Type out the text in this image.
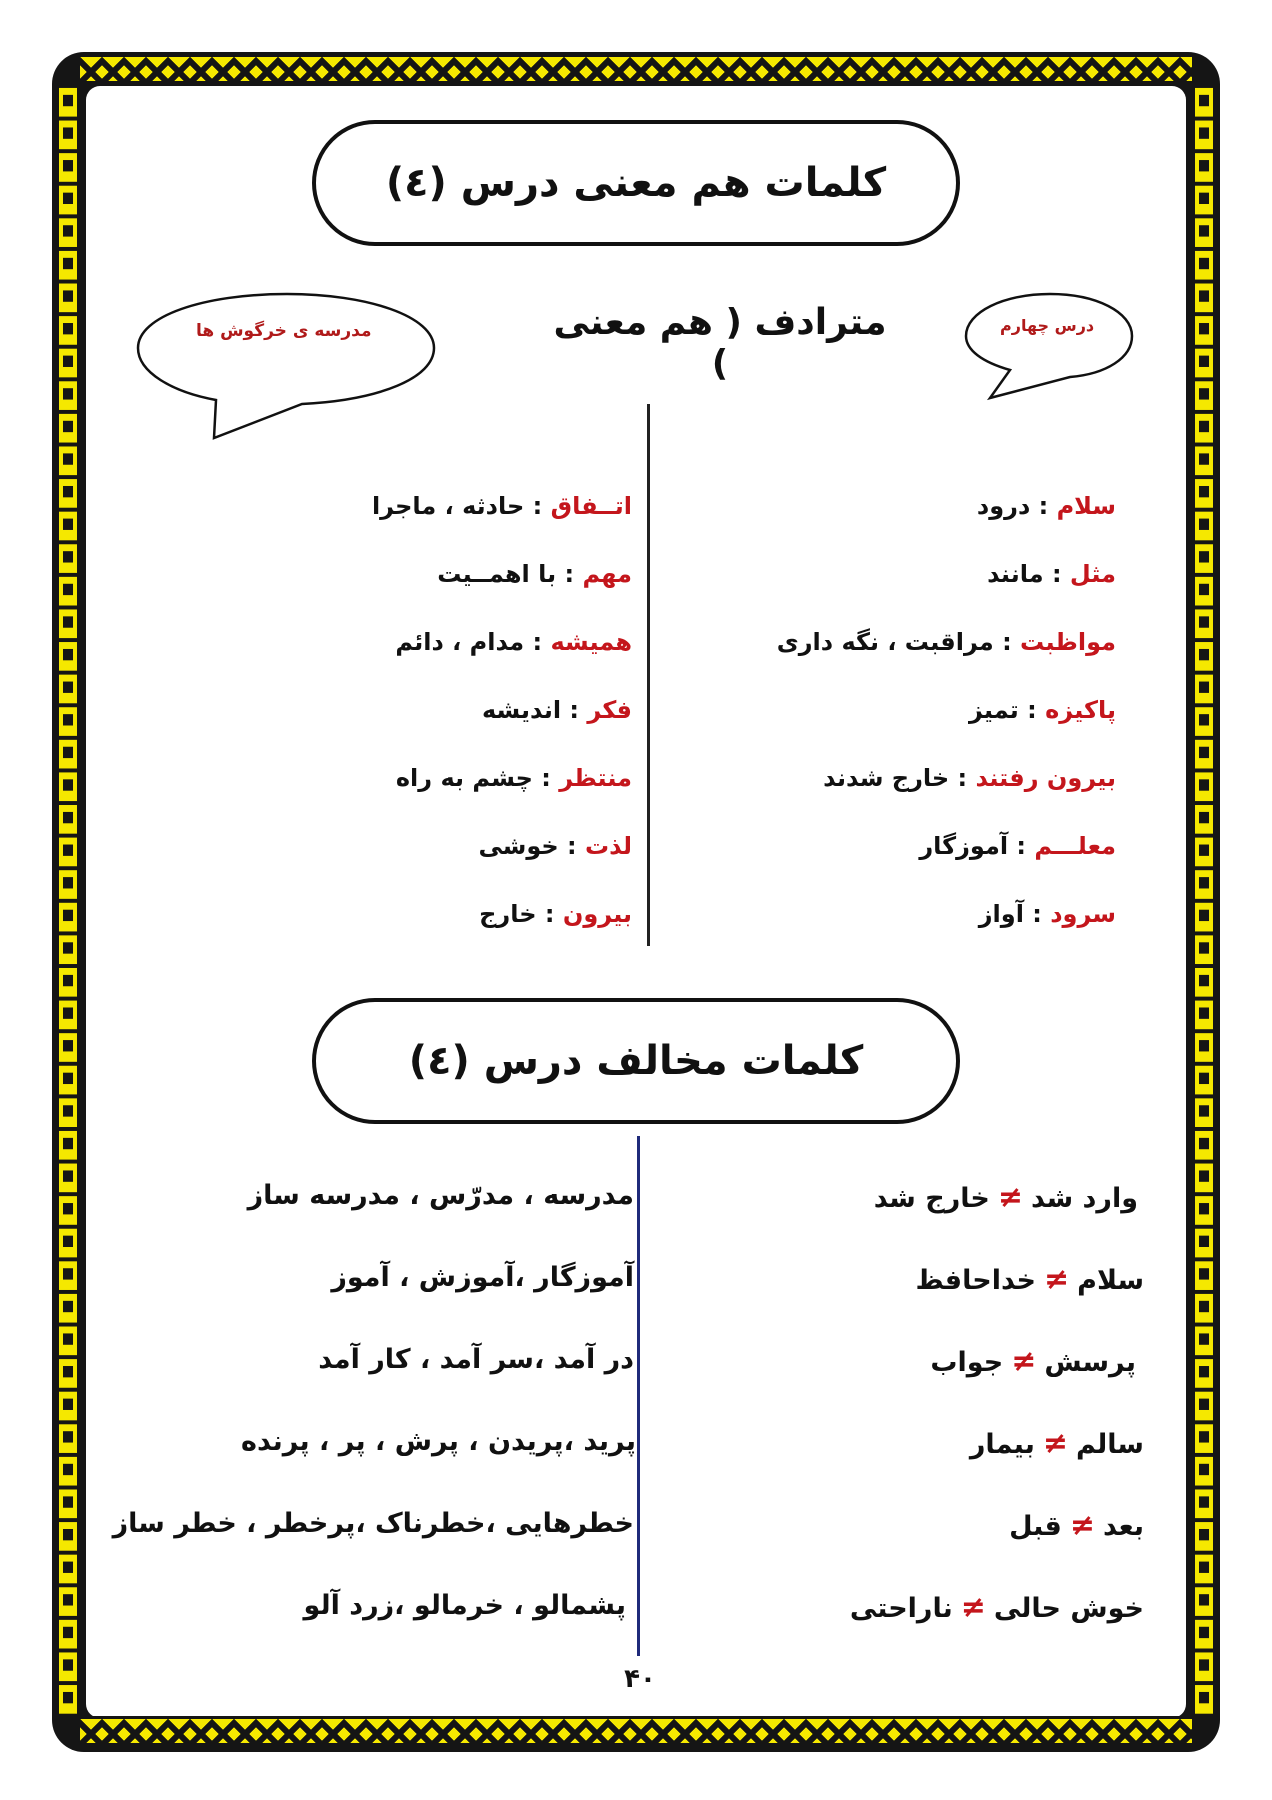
کلمات هم معنی درس (٤)
مدرسه ی خرگوش ها	درس چهارم
مترادف ( هم معنی )
سلام : درود
مثل : مانند
مواظبت : مراقبت ، نگه داری
پاکیزه : تمیز
بیرون رفتند : خارج شدند
معلـــم : آموزگار
سرود : آواز
اتــفاق : حادثه ، ماجرا
مهم : با اهمــیت
همیشه : مدام ، دائم
فکر : اندیشه
منتظر : چشم به راه
لذت : خوشی
بیرون : خارج
کلمات مخالف درس (٤)
وارد شد≠خارج شد
سلام≠خداحافظ
پرسش≠جواب
سالم≠بیمار
بعد≠قبل
خوش حالی≠ناراحتی
مدرسه ، مدرّس ، مدرسه ساز
آموزگار ،آموزش ، آموز
در آمد ،سر آمد ، کار آمد
پرید ،پریدن ، پرش ، پر ، پرنده
خطرهایی ،خطرناک ،پرخطر ، خطر ساز
پشمالو ، خرمالو ،زرد آلو
۴٠
